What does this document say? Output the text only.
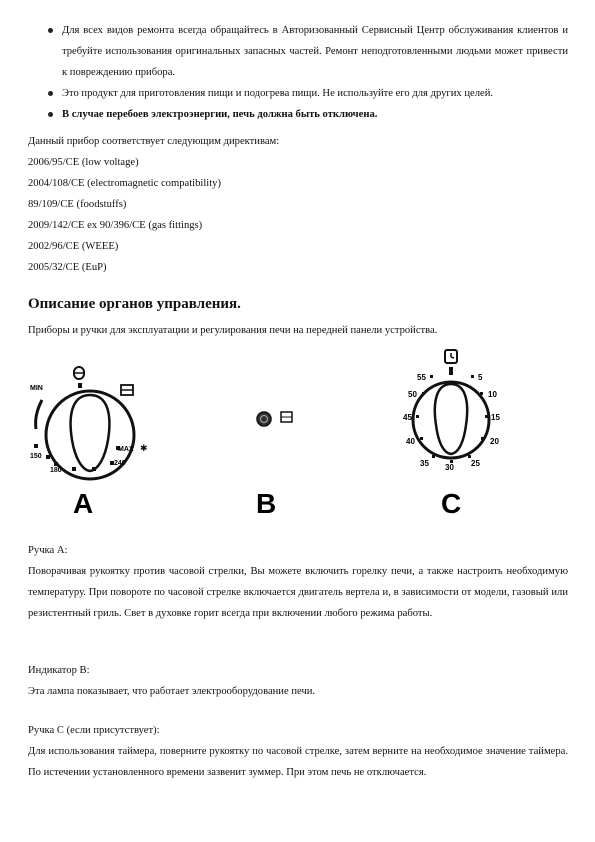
Для всех видов ремонта всегда обращайтесь в Авторизованный Сервисный Центр обслуживания клиентов и требуйте использования оригинальных запасных частей. Ремонт неподготовленными людьми может привести к повреждению прибора.
Это продукт для приготовления пищи и подогрева пищи. Не используйте его для других целей.
В случае перебоев электроэнергии, печь должна быть отключена.

Данный прибор соответствует следующим директивам:

2006/95/CE (low voltage)

2004/108/CE (electromagnetic compatibility)

89/109/CE (foodstuffs)

2009/142/CE ex 90/396/CE (gas fittings)

2002/96/CE (WEEE)

2005/32/CE (EuP)

Описание органов управления.

Приборы и ручки для эксплуатации и регулирования печи на передней панели устройства.

MIN
150
180
240
MAX ✱
A	B
55	5
50	10
45	15
40	20
35 30 25
C

Ручка А:

Поворачивая рукоятку против часовой стрелки, Вы можете включить горелку печи, а также настроить необходимую температуру. При повороте по часовой стрелке включается двигатель вертела и, в зависимости от модели, газовый или резистентный гриль. Свет в духовке горит всегда при включении любого режима работы.

Индикатор В:

Эта лампа показывает, что работает электрооборудование печи.

Ручка С (если присутствует):

Для использования таймера, поверните рукоятку по часовой стрелке, затем верните на необходимое значение таймера. По истечении установленного времени зазвенит зуммер. При этом печь не отключается.
